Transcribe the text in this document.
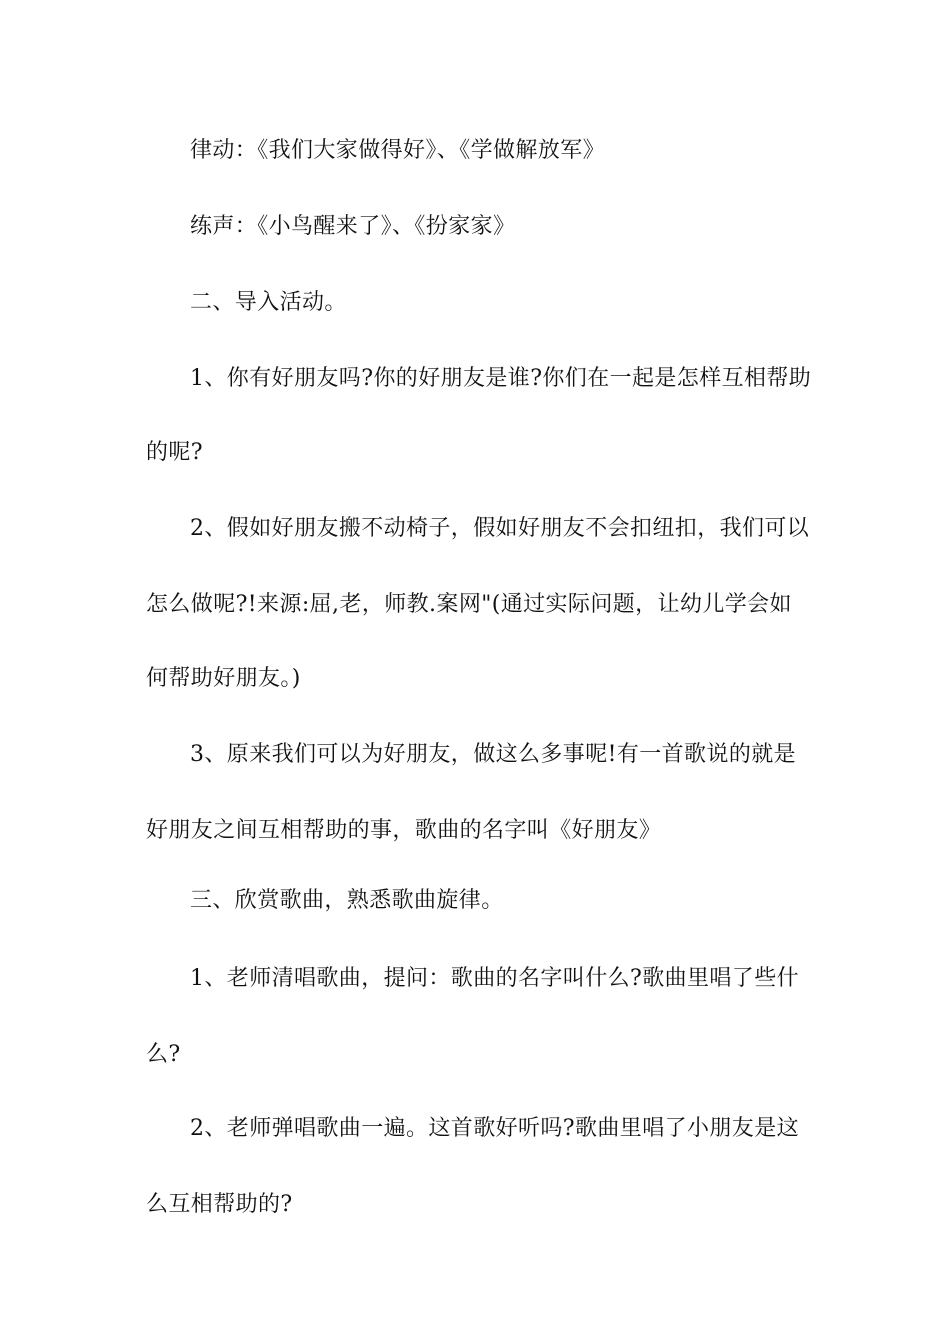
律动：《我们大家做得好》、《学做解放军》
练声：《小鸟醒来了》、《扮家家》
二、导入活动。
1、你有好朋友吗?你的好朋友是谁?你们在一起是怎样互相帮助
的呢?
2、假如好朋友搬不动椅子，假如好朋友不会扣纽扣，我们可以
怎么做呢?!来源:屈,老，师教.案网"(通过实际问题，让幼儿学会如
何帮助好朋友。)
3、原来我们可以为好朋友，做这么多事呢!有一首歌说的就是
好朋友之间互相帮助的事，歌曲的名字叫《好朋友》
三、欣赏歌曲，熟悉歌曲旋律。
1、老师清唱歌曲，提问：歌曲的名字叫什么?歌曲里唱了些什
么?
2、老师弹唱歌曲一遍。这首歌好听吗?歌曲里唱了小朋友是这
么互相帮助的?
